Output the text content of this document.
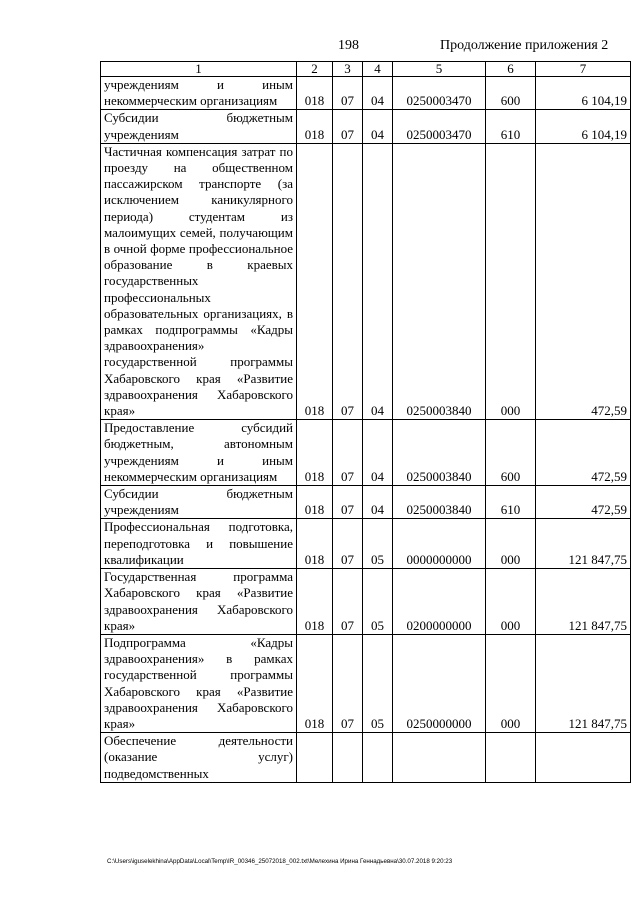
198	Продолжение приложения 2
1	2	3	4	5	6	7
учреждениям и иным некоммерческим организациям	018	07	04	0250003470	600	6 104,19
Субсидии бюджетным учреждениям	018	07	04	0250003470	610	6 104,19
Частичная компенсация затрат по проезду на общественном пассажирском транспорте (за исключением каникулярного периода) студентам из малоимущих семей, получающим в очной форме профессиональное образование в краевых государственных профессиональных образовательных организациях, в рамках подпрограммы «Кадры здравоохранения» государственной программы Хабаровского края «Развитие здравоохранения Хабаровского края»	018	07	04	0250003840	000	472,59
Предоставление субсидий бюджетным, автономным учреждениям и иным некоммерческим организациям	018	07	04	0250003840	600	472,59
Субсидии бюджетным учреждениям	018	07	04	0250003840	610	472,59
Профессиональная подготовка, переподготовка и повышение квалификации	018	07	05	0000000000	000	121 847,75
Государственная программа Хабаровского края «Развитие здравоохранения Хабаровского края»	018	07	05	0200000000	000	121 847,75
Подпрограмма «Кадры здравоохранения» в рамках государственной программы Хабаровского края «Развитие здравоохранения Хабаровского края»	018	07	05	0250000000	000	121 847,75
Обеспечение деятельности (оказание услуг) подведомственных						
C:\Users\iguselekhina\AppData\Local\Temp\IR_00346_25072018_002.txt\Мелехина Ирина Геннадьевна\30.07.2018 9:20:23
